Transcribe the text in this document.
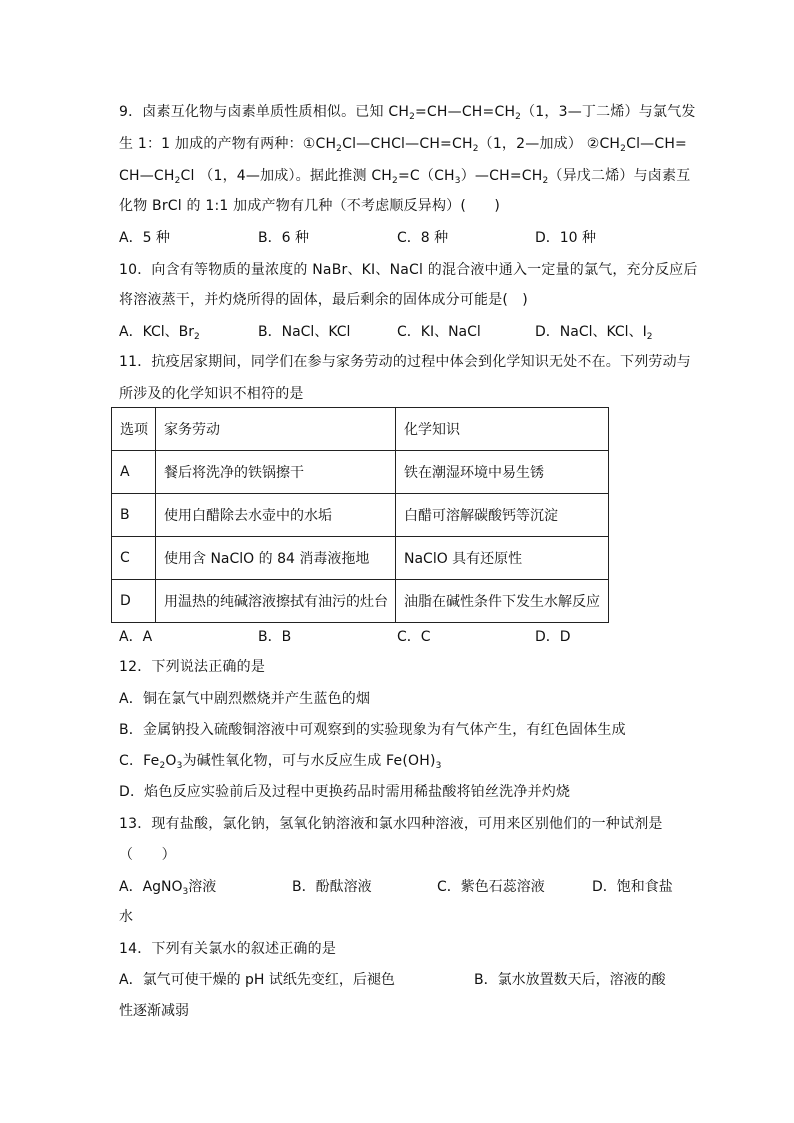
9．卤素互化物与卤素单质性质相似。已知 $CH_2=CH—CH=CH_2(1$，3—丁二烯）与氯气发
生 1：1 加成的产物有两种：$①CH_2Cl—CHCl—CH=CH_2(1$，2—加成） $②CH_2Cl—CH=$
$CH—CH_2Cl$ （1，4—加成）。据此推测 $CH_2=C(CH_3)—CH=CH_2$（异戊二烯）与卤素互
化物 BrCl 的 1:1 加成产物有几种（不考虑顺反异构）(　　)
A．5 种	B．6 种	C．8 种	D．10 种
10．向含有等物质的量浓度的 NaBr、KI、NaCl 的混合液中通入一定量的氯气，充分反应后
将溶液蒸干，并灼烧所得的固体，最后剩余的固体成分可能是(　)
A．KCl、$Br_2$	B．NaCl、KCl	C．KI、NaCl	D．NaCl、KCl、$I_2$
11．抗疫居家期间，同学们在参与家务劳动的过程中体会到化学知识无处不在。下列劳动与
所涉及的化学知识不相符的是
选项	家务劳动	化学知识
A	餐后将洗净的铁锅擦干	铁在潮湿环境中易生锈
B	使用白醋除去水壶中的水垢	白醋可溶解碳酸钙等沉淀
C	使用含 NaClO 的 84 消毒液拖地	NaClO 具有还原性
D	用温热的纯碱溶液擦拭有油污的灶台	油脂在碱性条件下发生水解反应
A．A	B．B	C．C	D．D
12．下列说法正确的是
A．铜在氯气中剧烈燃烧并产生蓝色的烟
B．金属钠投入硫酸铜溶液中可观察到的实验现象为有气体产生，有红色固体生成
C．$Fe_2O_3$为碱性氧化物，可与水反应生成 $Fe(OH)_3$
D．焰色反应实验前后及过程中更换药品时需用稀盐酸将铂丝洗净并灼烧
13．现有盐酸，氯化钠，氢氧化钠溶液和氯水四种溶液，可用来区别他们的一种试剂是
（　　）
A．AgNO$_3$溶液	B．酚酞溶液	C．紫色石蕊溶液	D．饱和食盐
水
14．下列有关氯水的叙述正确的是
A．氯气可使干燥的 pH 试纸先变红，后褪色	B．氯水放置数天后，溶液的酸
性逐渐减弱
